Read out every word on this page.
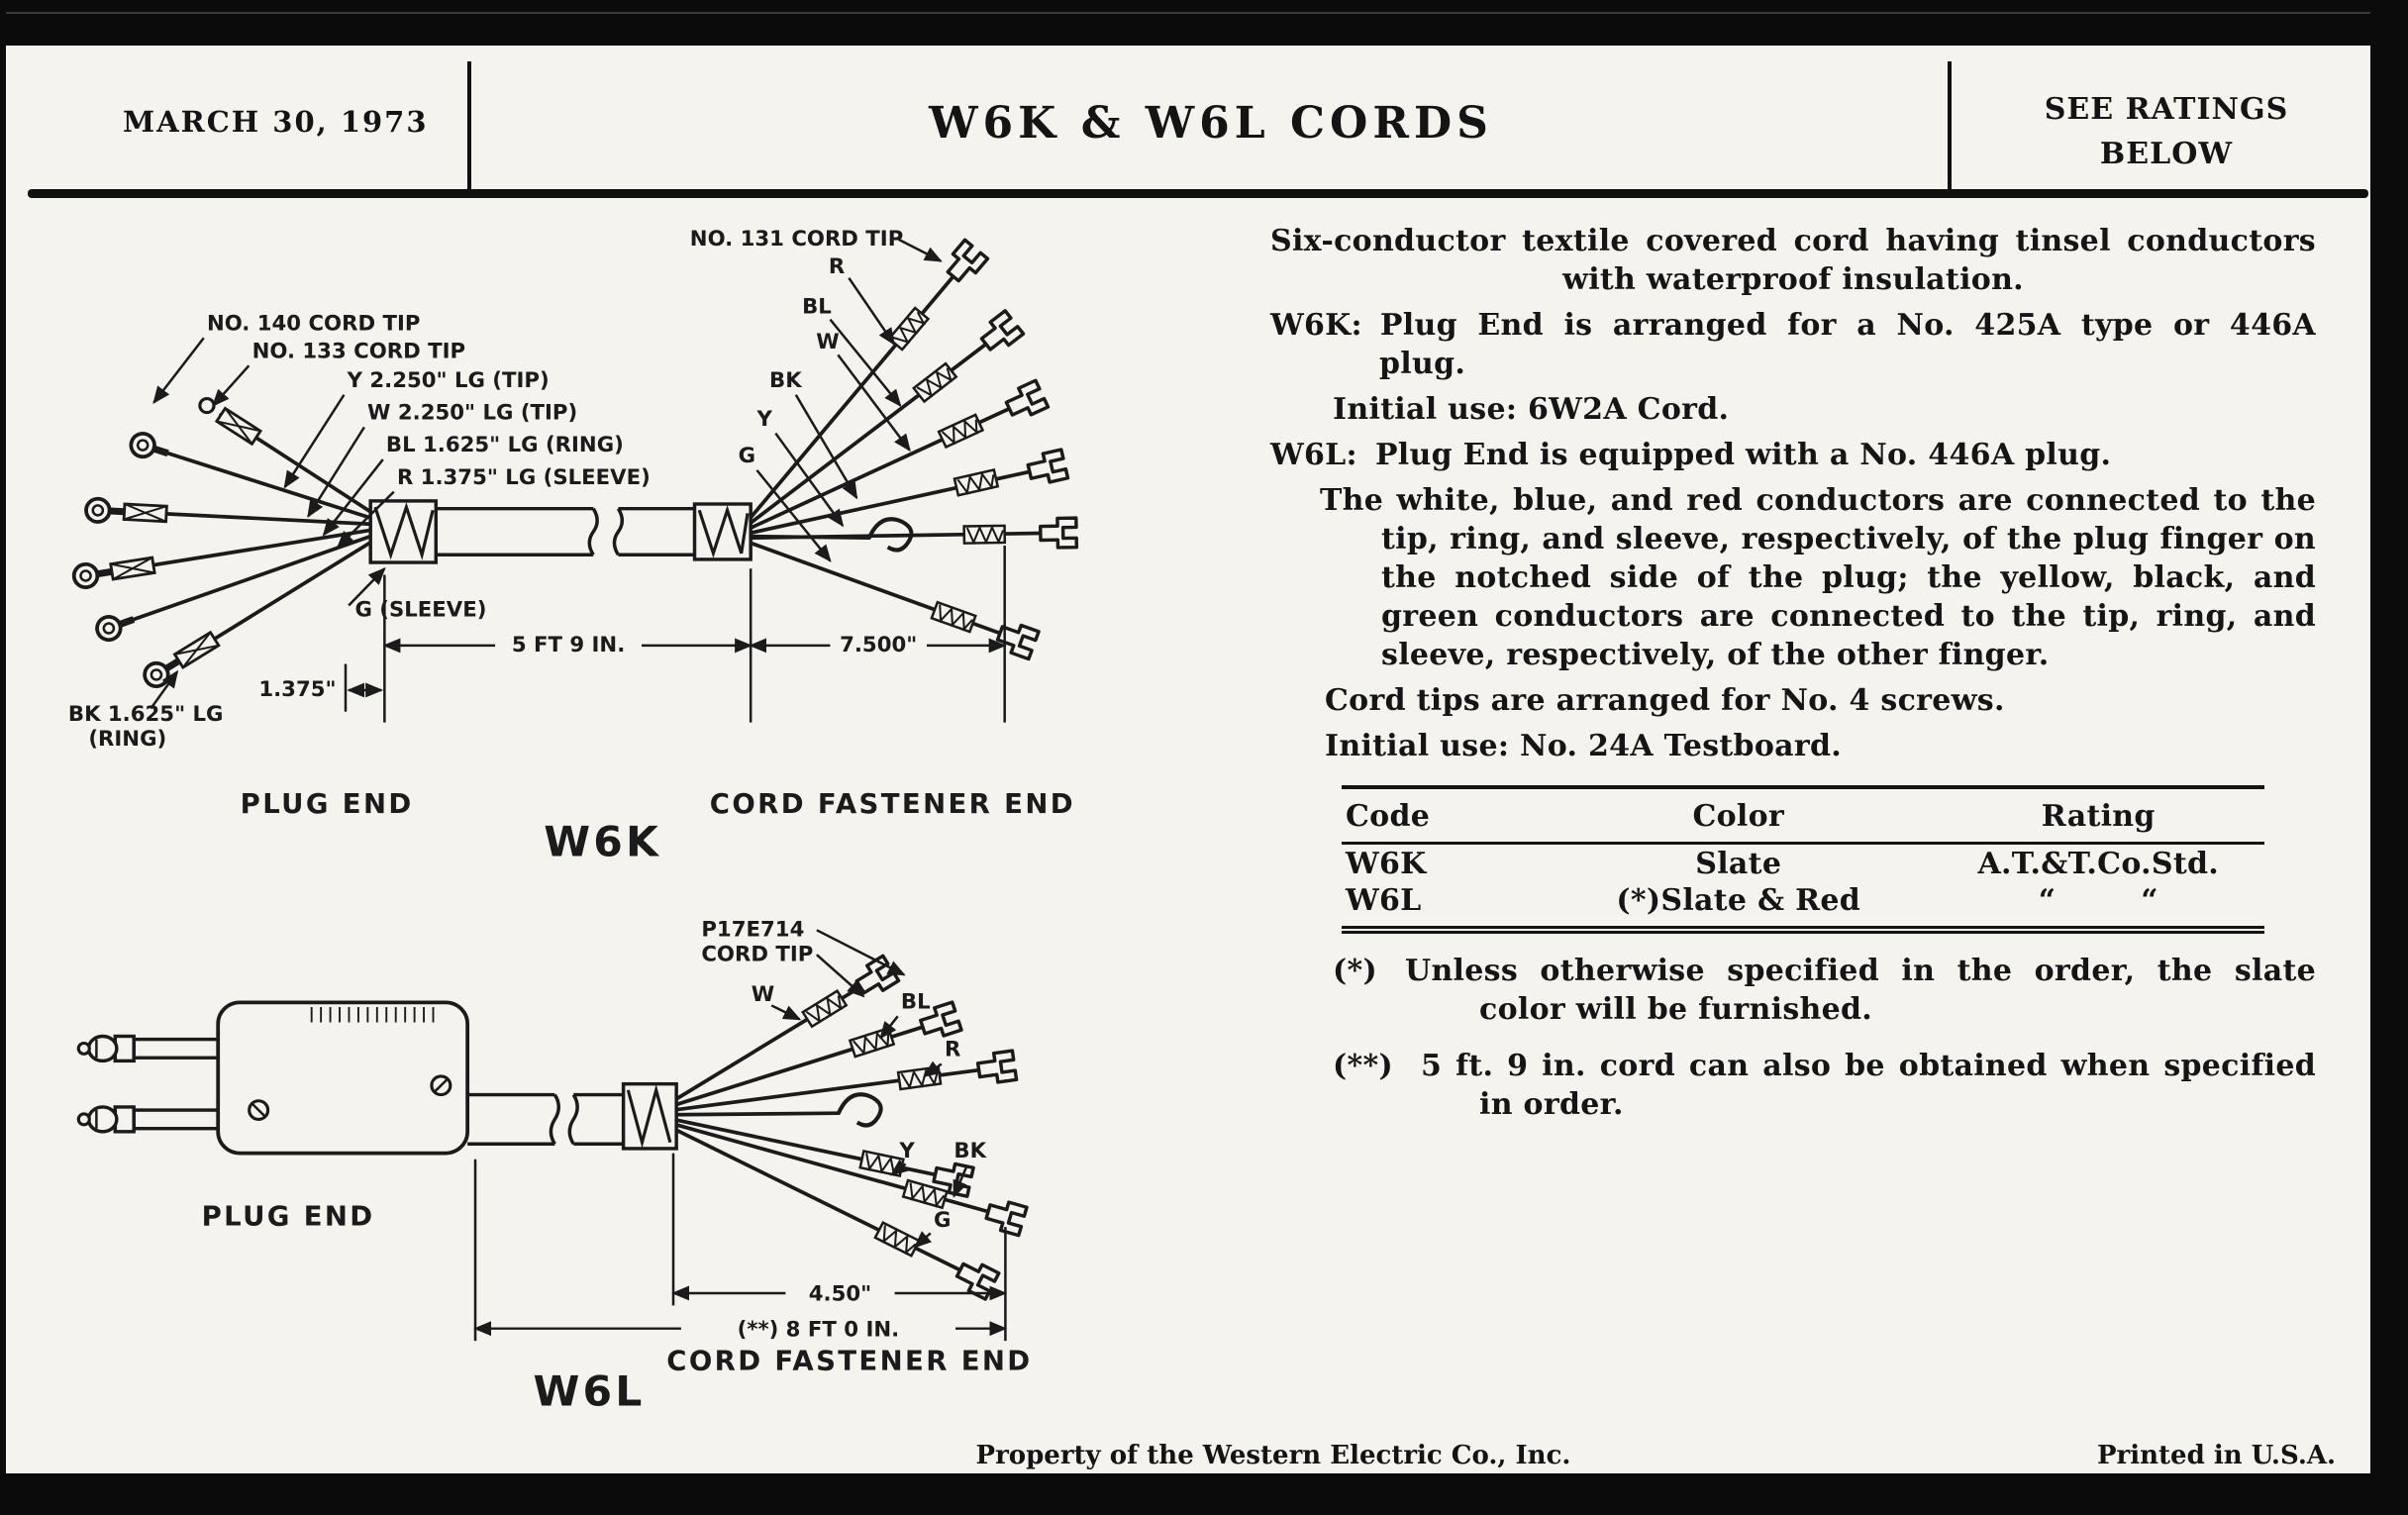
MARCH 30, 1973	W6K & W6L CORDS	SEE RATINGS
BELOW
NO. 131 CORD TIP
NO. 140 CORD TIP
NO. 133 CORD TIP
Y 2.250" LG (TIP)
W 2.250" LG (TIP)
BL 1.625" LG (RING)
R 1.375" LG (SLEEVE)
G (SLEEVE)
BK 1.625" LG
(RING)
R
BL
W
BK
Y
G
5 FT 9 IN.	7.500"
1.375"
PLUG END	CORD FASTENER END
W6K
P17E714
CORD TIP
W	BL
R
Y	BK
G
4.50"
(**) 8 FT 0 IN.
PLUG END
CORD FASTENER END
W6L

Six-conductor textile covered cord having tinsel conductors with waterproof insulation.

W6K: Plug End is arranged for a No. 425A type or 446A plug.

Initial use: 6W2A Cord.

W6L: Plug End is equipped with a No. 446A plug.

The white, blue, and red conductors are connected to the tip, ring, and sleeve, respectively, of the plug finger on the notched side of the plug; the yellow, black, and green conductors are connected to the tip, ring, and sleeve, respectively, of the other finger.

Cord tips are arranged for No. 4 screws.

Initial use: No. 24A Testboard.

Code	Color	Rating
W6K	Slate	A.T.&T.Co.Std.
W6L	(*)Slate & Red	“        “

(*) Unless otherwise specified in the order, the slate color will be furnished.

(**) 5 ft. 9 in. cord can also be obtained when specified in order.

Property of the Western Electric Co., Inc.	Printed in U.S.A.
